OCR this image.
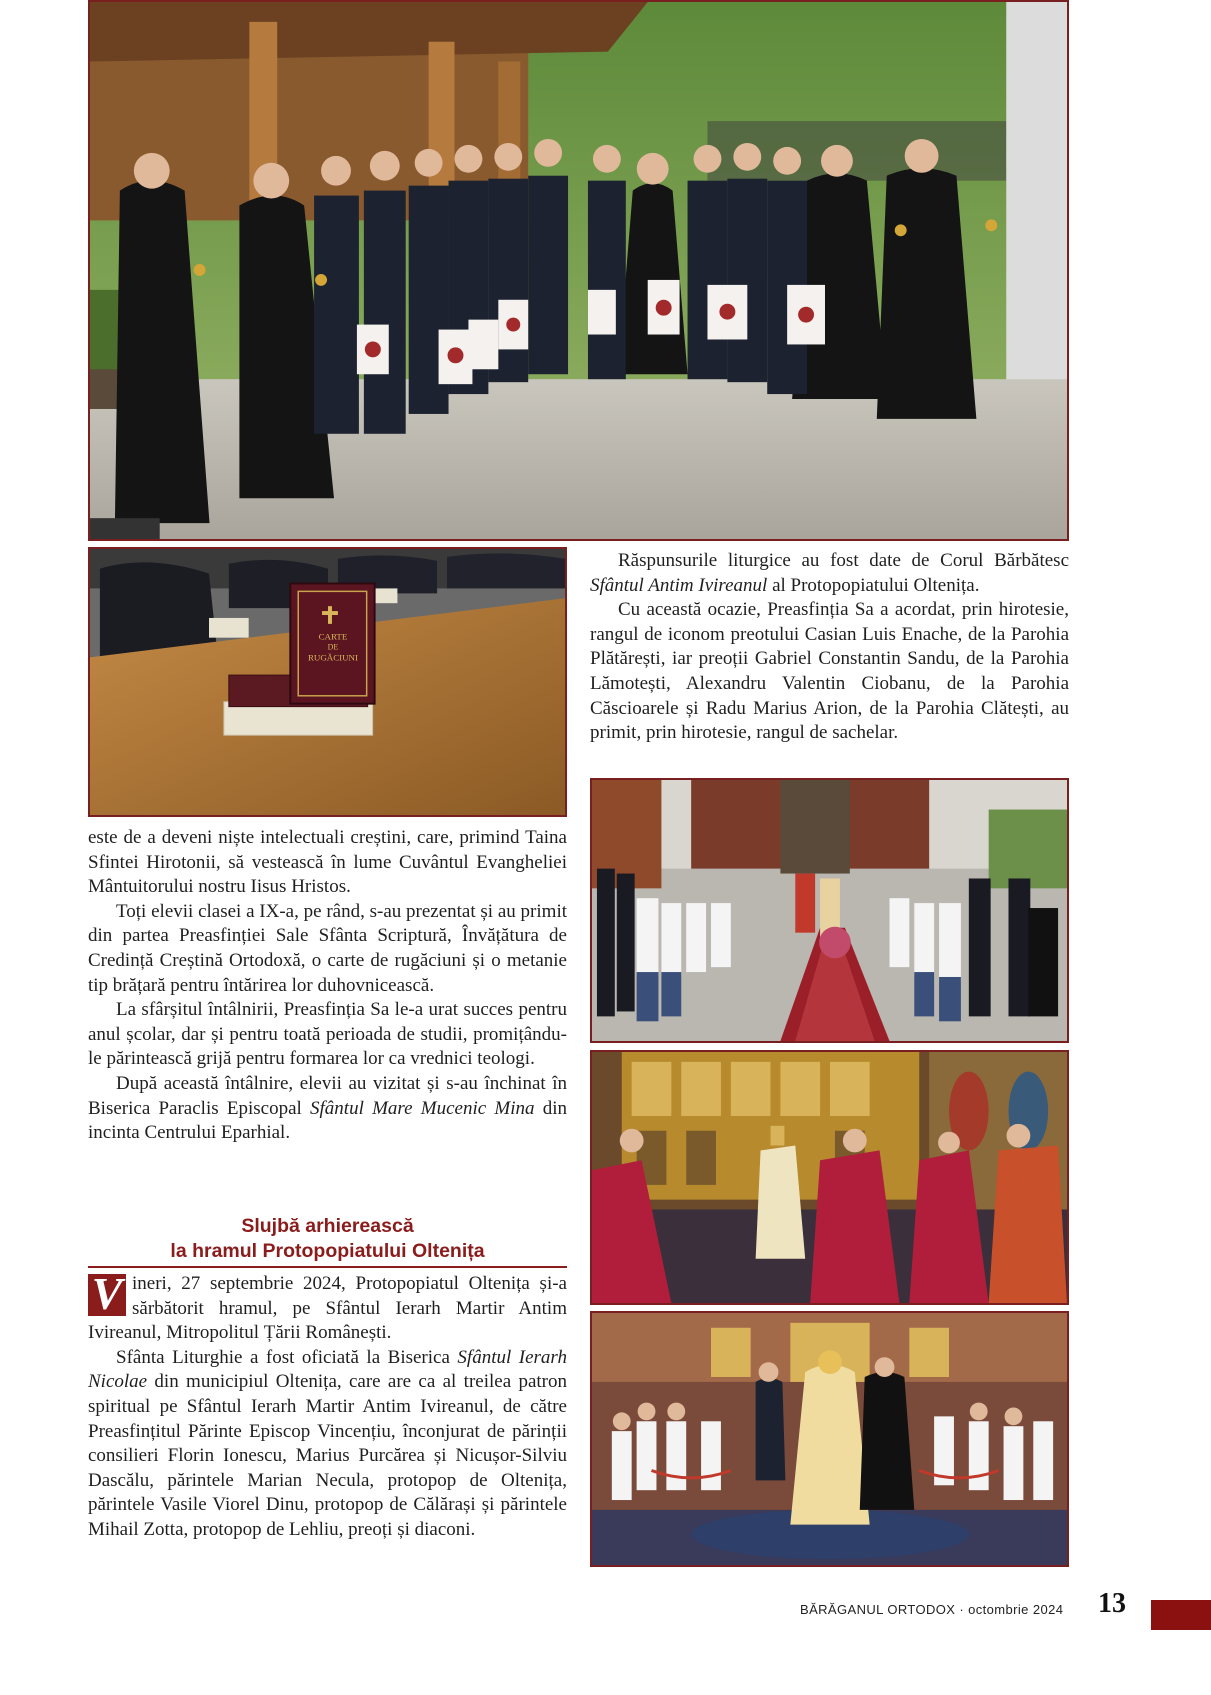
CARTE
DE
RUGĂCIUNI

Răspunsurile liturgice au fost date de Corul Bărbătesc Sfântul Antim Ivireanul al Protopopiatului Oltenița.

Cu această ocazie, Preasfinția Sa a acordat, prin hirotesie, rangul de iconom preotului Casian Luis Enache, de la Parohia Plătărești, iar preoții Gabriel Constantin Sandu, de la Parohia Lămotești, Alexandru Valentin Ciobanu, de la Parohia Căscioarele și Radu Marius Arion, de la Parohia Clătești, au primit, prin hirotesie, rangul de sachelar.

este de a deveni niște intelectuali creștini, care, primind Taina Sfintei Hirotonii, să vestească în lume Cuvântul Evangheliei Mântuitorului nostru Iisus Hristos.

Toți elevii clasei a IX-a, pe rând, s-au prezentat și au primit din partea Preasfinției Sale Sfânta Scriptură, Învățătura de Credință Creștină Ortodoxă, o carte de rugăciuni și o metanie tip brățară pentru întărirea lor duhovnicească.

La sfârșitul întâlnirii, Preasfinția Sa le-a urat succes pentru anul școlar, dar și pentru toată perioada de studii, promițându-le părintească grijă pentru formarea lor ca vrednici teologi.

După această întâlnire, elevii au vizitat și s-au închinat în Biserica Paraclis Episcopal Sfântul Mare Mucenic Mina din incinta Centrului Eparhial.

Slujbă arhierească
la hramul Protopopiatului Oltenița

V ineri, 27 septembrie 2024, Protopopiatul Oltenița și-a sărbătorit hramul, pe Sfântul Ierarh Martir Antim Ivireanul, Mitropolitul Țării Românești.

Sfânta Liturghie a fost oficiată la Biserica Sfântul Ierarh Nicolae din municipiul Oltenița, care are ca al treilea patron spiritual pe Sfântul Ierarh Martir Antim Ivireanul, de către Preasfințitul Părinte Episcop Vincențiu, înconjurat de părinții consilieri Florin Ionescu, Marius Purcărea și Nicușor-Silviu Dascălu, părintele Marian Necula, protopop de Oltenița, părintele Vasile Viorel Dinu, protopop de Călărași și părintele Mihail Zotta, protopop de Lehliu, preoți și diaconi.

BĂRĂGANUL ORTODOX · octombrie 2024 13
